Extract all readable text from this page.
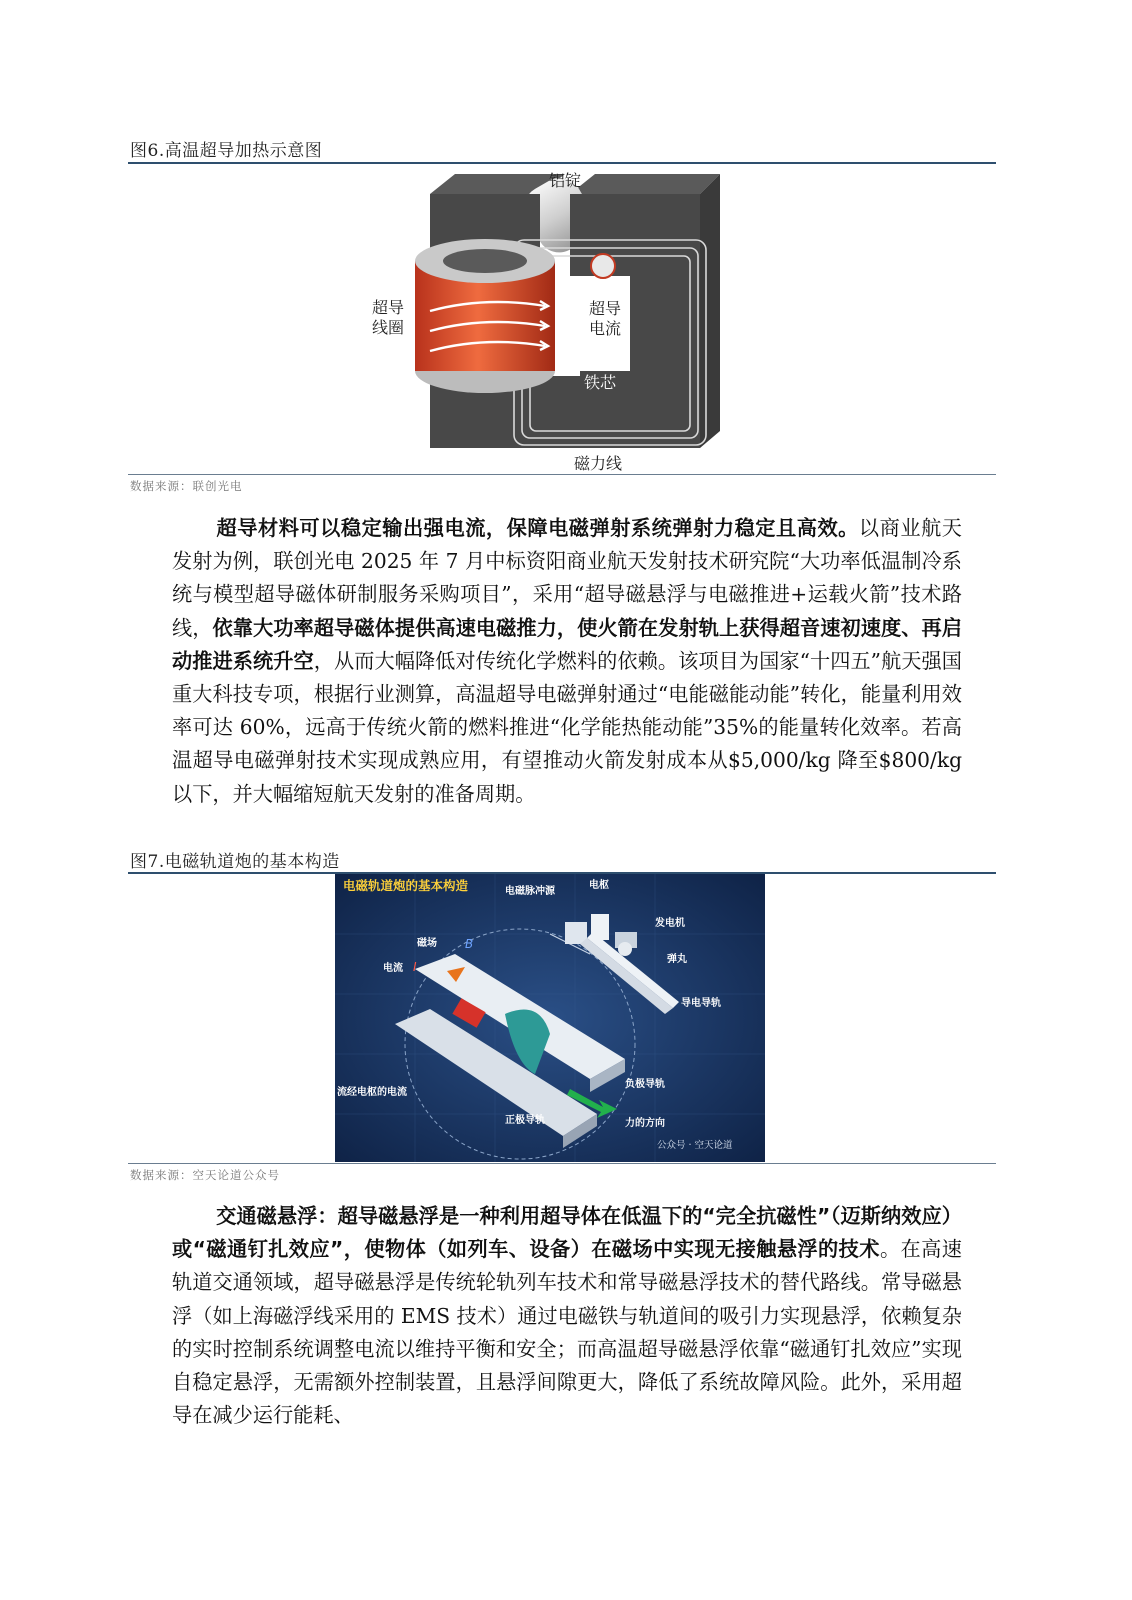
图6.高温超导加热示意图
铝锭
超导
电流
铁芯
磁力线
超导
线圈
数据来源：联创光电
超导材料可以稳定输出强电流，保障电磁弹射系统弹射力稳定且高效。以商业航天发射为例，联创光电 2025 年 7 月中标资阳商业航天发射技术研究院“大功率低温制冷系统与模型超导磁体研制服务采购项目”，采用“超导磁悬浮与电磁推进+运载火箭”技术路线，依靠大功率超导磁体提供高速电磁推力，使火箭在发射轨上获得超音速初速度、再启动推进系统升空，从而大幅降低对传统化学燃料的依赖。该项目为国家“十四五”航天强国重大科技专项，根据行业测算，高温超导电磁弹射通过“电能磁能动能”转化，能量利用效率可达 60%，远高于传统火箭的燃料推进“化学能热能动能”35%的能量转化效率。若高温超导电磁弹射技术实现成熟应用，有望推动火箭发射成本从$5,000/kg 降至$800/kg 以下，并大幅缩短航天发射的准备周期。
图7.电磁轨道炮的基本构造
电磁轨道炮的基本构造	电磁脉冲源
电枢
发电机
弹丸
磁场 B
电流 I
导电导轨
流经电枢的电流
负极导轨
正极导轨	力的方向
公众号 · 空天论道
数据来源：空天论道公众号
交通磁悬浮：超导磁悬浮是一种利用超导体在低温下的“完全抗磁性”（迈斯纳效应）或“磁通钉扎效应”，使物体（如列车、设备）在磁场中实现无接触悬浮的技术。在高速轨道交通领域，超导磁悬浮是传统轮轨列车技术和常导磁悬浮技术的替代路线。常导磁悬浮（如上海磁浮线采用的 EMS 技术）通过电磁铁与轨道间的吸引力实现悬浮，依赖复杂的实时控制系统调整电流以维持平衡和安全；而高温超导磁悬浮依靠“磁通钉扎效应”实现自稳定悬浮，无需额外控制装置，且悬浮间隙更大，降低了系统故障风险。此外，采用超导在减少运行能耗、
